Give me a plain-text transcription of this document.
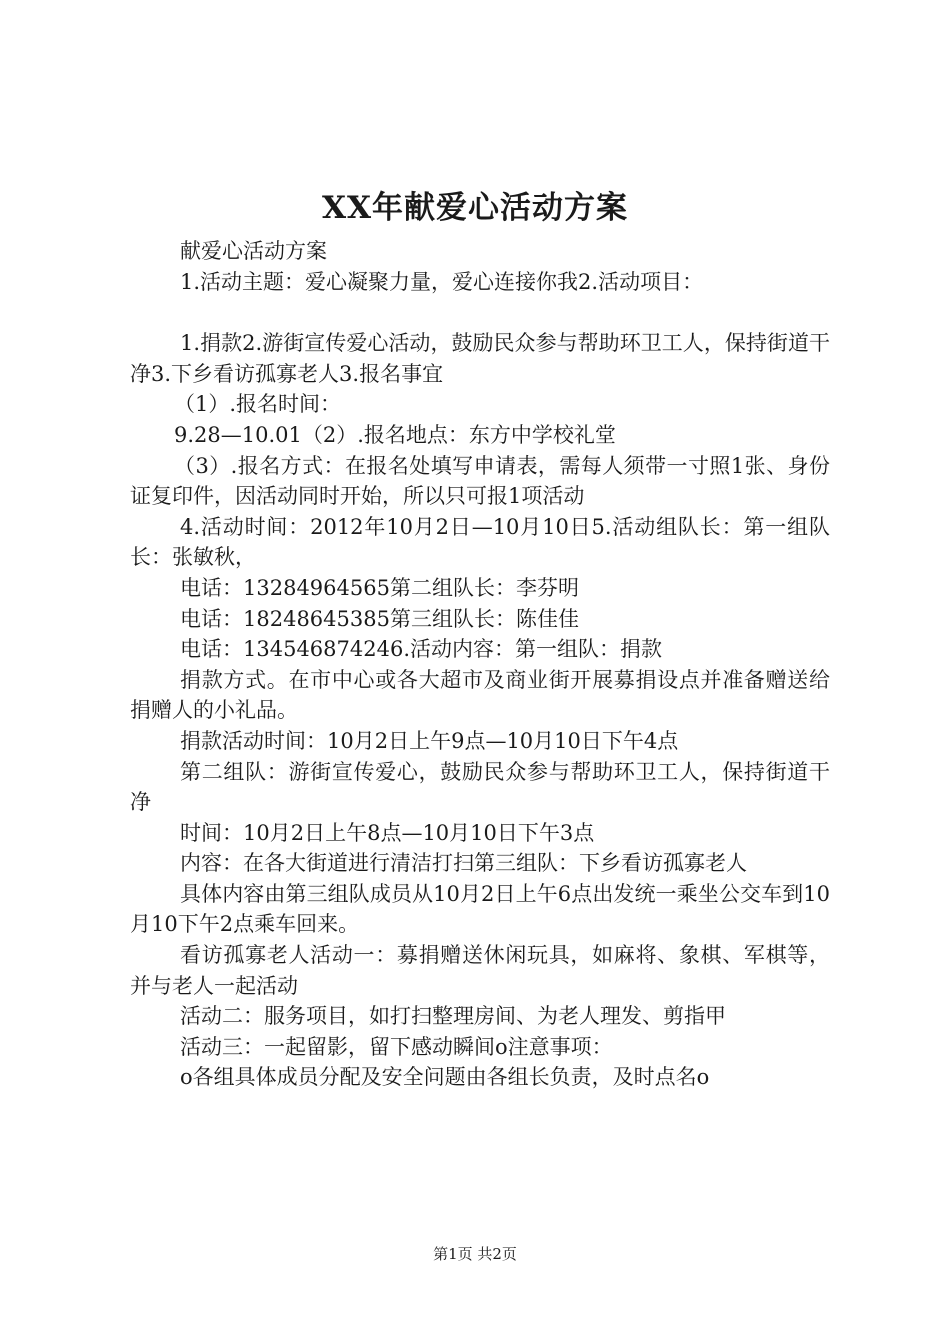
XX年献爱心活动方案

献爱心活动方案

1.活动主题：爱心凝聚力量，爱心连接你我2.活动项目：

1.捐款2.游街宣传爱心活动，鼓励民众参与帮助环卫工人，保持街道干净3.下乡看访孤寡老人3.报名事宜

（1）.报名时间：

9.28—10.01（2）.报名地点：东方中学校礼堂

（3）.报名方式：在报名处填写申请表，需每人须带一寸照1张、身份证复印件，因活动同时开始，所以只可报1项活动

4.活动时间：2012年10月2日—10月10日5.活动组队长：第一组队长：张敏秋，

电话：13284964565第二组队长：李芬明

电话：18248645385第三组队长：陈佳佳

电话：134546874246.活动内容：第一组队：捐款

捐款方式。在市中心或各大超市及商业街开展募捐设点并准备赠送给捐赠人的小礼品。

捐款活动时间：10月2日上午9点—10月10日下午4点

第二组队：游街宣传爱心，鼓励民众参与帮助环卫工人，保持街道干净

时间：10月2日上午8点—10月10日下午3点

内容：在各大街道进行清洁打扫第三组队：下乡看访孤寡老人

具体内容由第三组队成员从10月2日上午6点出发统一乘坐公交车到10月10下午2点乘车回来。

看访孤寡老人活动一：募捐赠送休闲玩具，如麻将、象棋、军棋等，并与老人一起活动

活动二：服务项目，如打扫整理房间、为老人理发、剪指甲

活动三：一起留影，留下感动瞬间o注意事项：

o各组具体成员分配及安全问题由各组长负责，及时点名o

第1页 共2页
